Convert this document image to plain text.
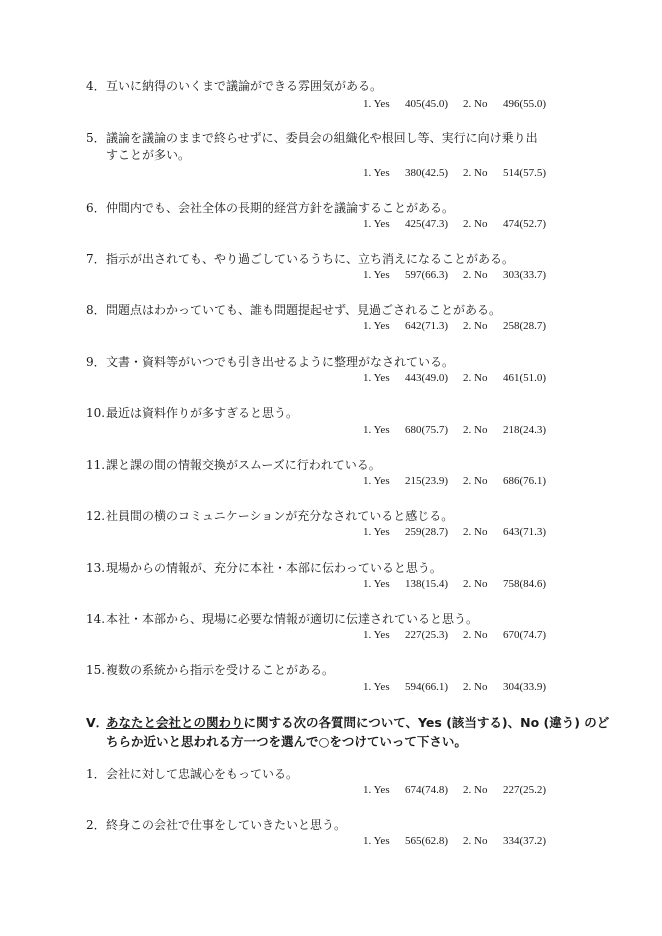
4．互いに納得のいくまで議論ができる雰囲気がある。
1. Yes 405(45.0) 2. No 496(55.0)
5．議論を議論のままで終らせずに、委員会の組織化や根回し等、実行に向け乗り出
すことが多い。
1. Yes 380(42.5) 2. No 514(57.5)
6．仲間内でも、会社全体の長期的経営方針を議論することがある。
1. Yes 425(47.3) 2. No 474(52.7)
7．指示が出されても、やり過ごしているうちに、立ち消えになることがある。
1. Yes 597(66.3) 2. No 303(33.7)
8．問題点はわかっていても、誰も問題提起せず、見過ごされることがある。
1. Yes 642(71.3) 2. No 258(28.7)
9．文書・資料等がいつでも引き出せるように整理がなされている。
1. Yes 443(49.0) 2. No 461(51.0)
10.最近は資料作りが多すぎると思う。
1. Yes 680(75.7) 2. No 218(24.3)
11.課と課の間の情報交換がスムーズに行われている。
1. Yes 215(23.9) 2. No 686(76.1)
12.社員間の横のコミュニケーションが充分なされていると感じる。
1. Yes 259(28.7) 2. No 643(71.3)
13.現場からの情報が、充分に本社・本部に伝わっていると思う。
1. Yes 138(15.4) 2. No 758(84.6)
14.本社・本部から、現場に必要な情報が適切に伝達されていると思う。
1. Yes 227(25.3) 2. No 670(74.7)
15.複数の系統から指示を受けることがある。
1. Yes 594(66.1) 2. No 304(33.9)
V．あなたと会社との関わりに関する次の各質問について、Yes (該当する)、No (違う) のど
ちらか近いと思われる方一つを選んで○をつけていって下さい。
1．会社に対して忠誠心をもっている。
1. Yes 674(74.8) 2. No 227(25.2)
2．終身この会社で仕事をしていきたいと思う。
1. Yes 565(62.8) 2. No 334(37.2)
